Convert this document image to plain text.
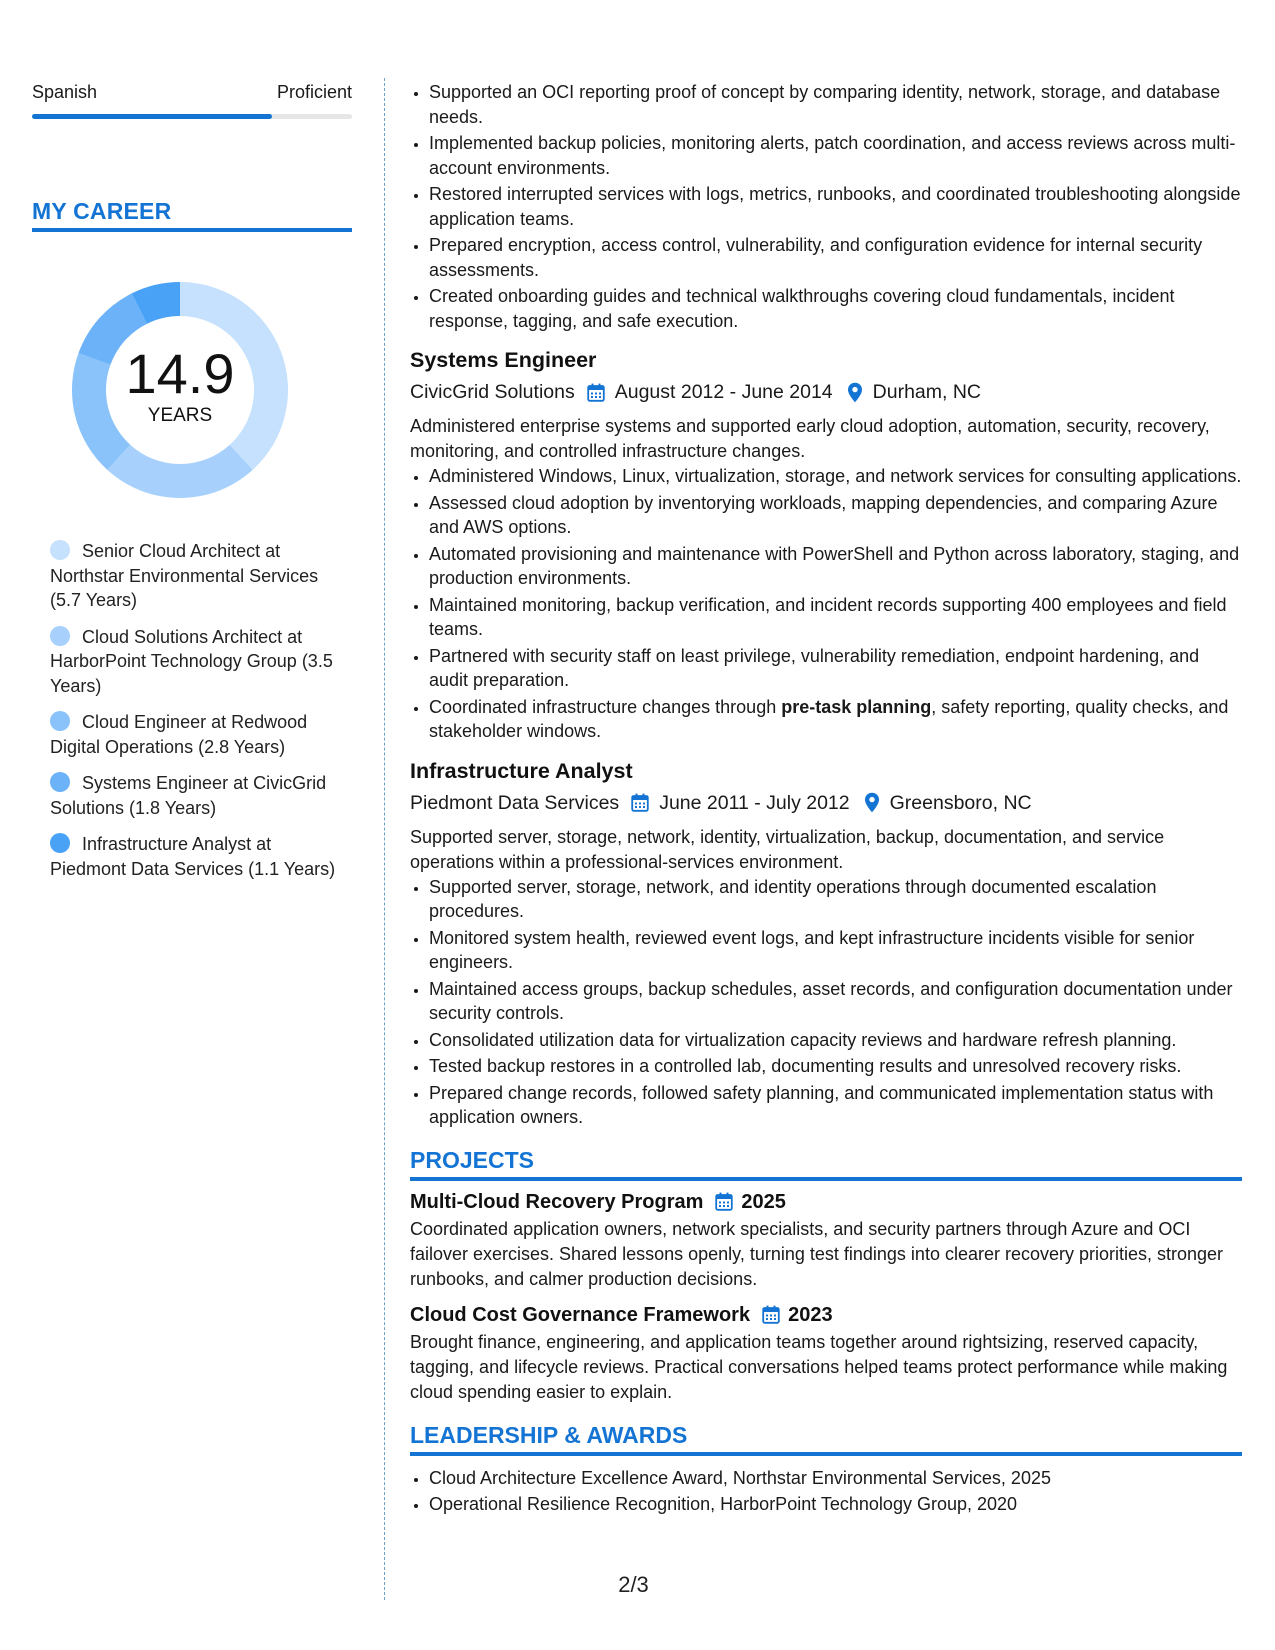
Spanish	Proficient
MY CAREER
14.9
YEARS
Senior Cloud Architect at Northstar Environmental Services (5.7 Years)
Cloud Solutions Architect at HarborPoint Technology Group (3.5 Years)
Cloud Engineer at Redwood Digital Operations (2.8 Years)
Systems Engineer at CivicGrid Solutions (1.8 Years)
Infrastructure Analyst at Piedmont Data Services (1.1 Years)
• Supported an OCI reporting proof of concept by comparing identity, network, storage, and database needs.
• Implemented backup policies, monitoring alerts, patch coordination, and access reviews across multi-account environments.
• Restored interrupted services with logs, metrics, runbooks, and coordinated troubleshooting alongside application teams.
• Prepared encryption, access control, vulnerability, and configuration evidence for internal security assessments.
• Created onboarding guides and technical walkthroughs covering cloud fundamentals, incident response, tagging, and safe execution.
Systems Engineer
CivicGrid Solutions August 2012 - June 2014 Durham, NC
Administered enterprise systems and supported early cloud adoption, automation, security, recovery, monitoring, and controlled infrastructure changes.
• Administered Windows, Linux, virtualization, storage, and network services for consulting applications.
• Assessed cloud adoption by inventorying workloads, mapping dependencies, and comparing Azure and AWS options.
• Automated provisioning and maintenance with PowerShell and Python across laboratory, staging, and production environments.
• Maintained monitoring, backup verification, and incident records supporting 400 employees and field teams.
• Partnered with security staff on least privilege, vulnerability remediation, endpoint hardening, and audit preparation.
• Coordinated infrastructure changes through pre-task planning, safety reporting, quality checks, and stakeholder windows.
Infrastructure Analyst
Piedmont Data Services June 2011 - July 2012 Greensboro, NC
Supported server, storage, network, identity, virtualization, backup, documentation, and service operations within a professional-services environment.
• Supported server, storage, network, and identity operations through documented escalation procedures.
• Monitored system health, reviewed event logs, and kept infrastructure incidents visible for senior engineers.
• Maintained access groups, backup schedules, asset records, and configuration documentation under security controls.
• Consolidated utilization data for virtualization capacity reviews and hardware refresh planning.
• Tested backup restores in a controlled lab, documenting results and unresolved recovery risks.
• Prepared change records, followed safety planning, and communicated implementation status with application owners.
PROJECTS
Multi-Cloud Recovery Program 2025
Coordinated application owners, network specialists, and security partners through Azure and OCI failover exercises. Shared lessons openly, turning test findings into clearer recovery priorities, stronger runbooks, and calmer production decisions.
Cloud Cost Governance Framework 2023
Brought finance, engineering, and application teams together around rightsizing, reserved capacity, tagging, and lifecycle reviews. Practical conversations helped teams protect performance while making cloud spending easier to explain.
LEADERSHIP & AWARDS
• Cloud Architecture Excellence Award, Northstar Environmental Services, 2025
• Operational Resilience Recognition, HarborPoint Technology Group, 2020
2/3
